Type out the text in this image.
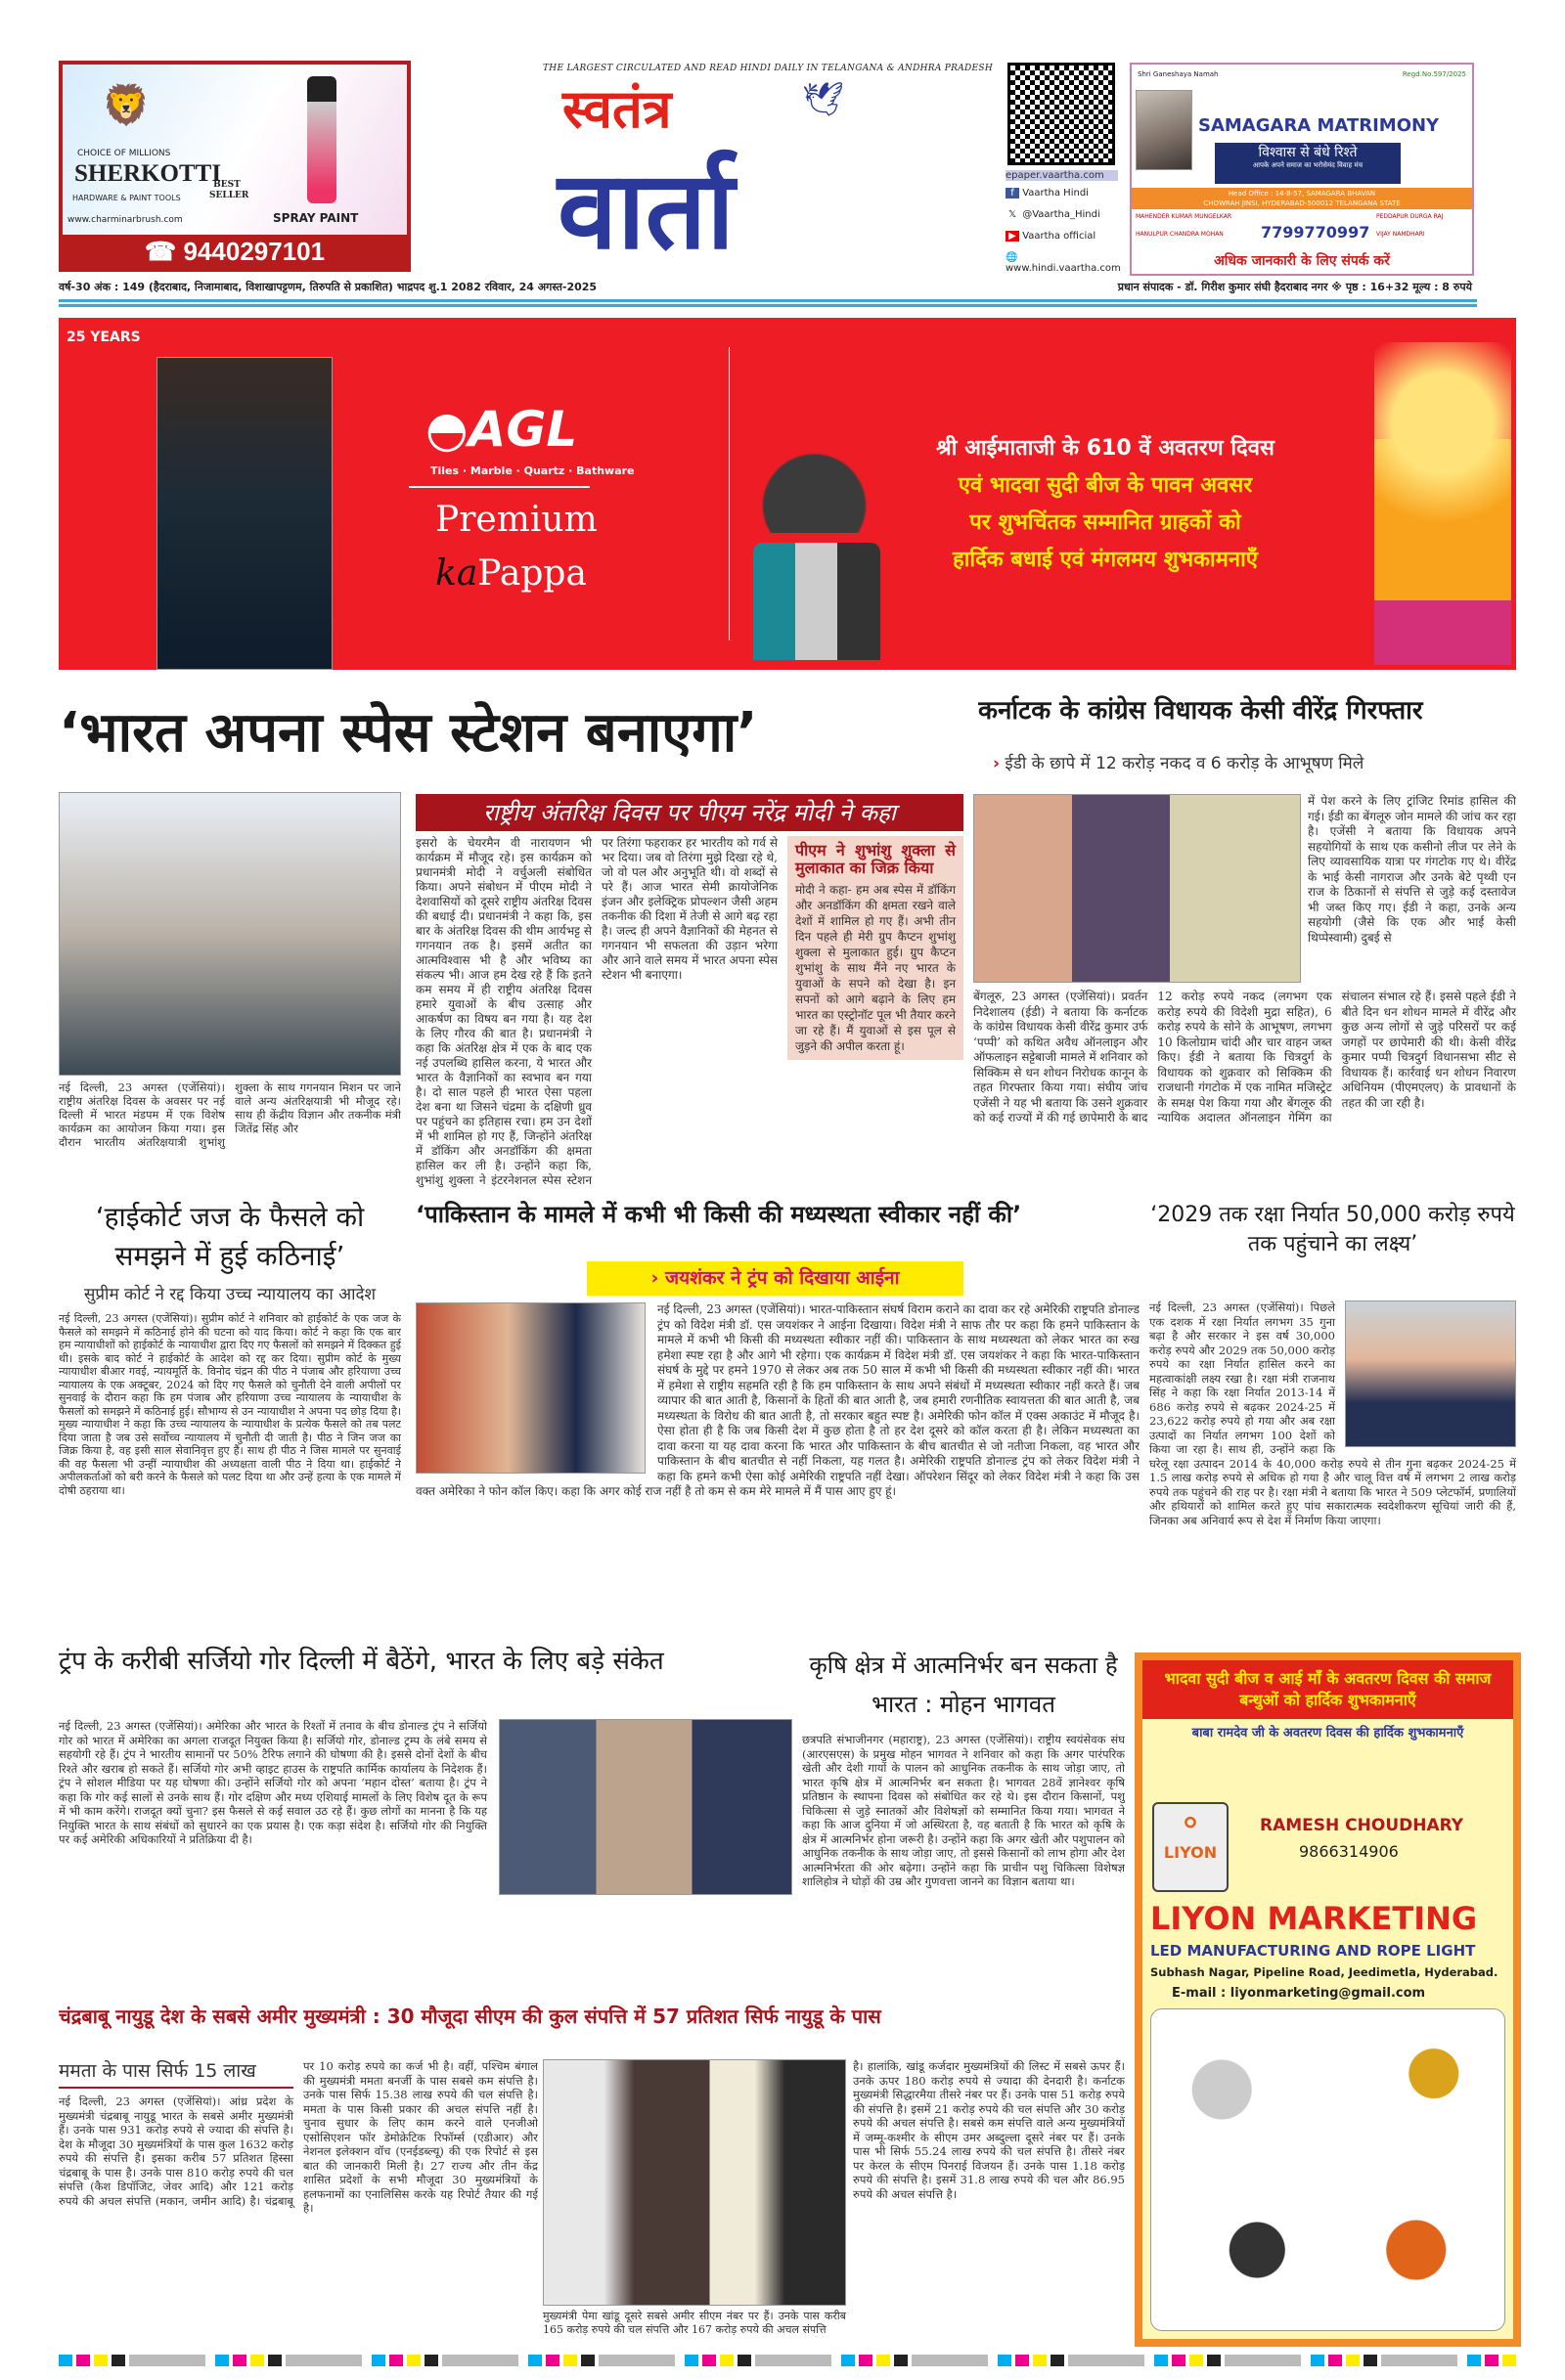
🦁
CHOICE OF MILLIONS
SHERKOTTI
HARDWARE & PAINT TOOLS
BEST SELLER
www.charminarbrush.com	SPRAY PAINT
☎ 9440297101
THE LARGEST CIRCULATED AND READ HINDI DAILY IN TELANGANA & ANDHRA PRADESH
स्वतंत्र	🕊
वार्ता	epaper.vaartha.com
f Vaartha Hindi
𝕏 @Vaartha_Hindi
▶ Vaartha official
🌐 www.hindi.vaartha.com
Shri Ganeshaya Namah	Regd.No.597/2025
SAMAGARA MATRIMONY
विश्वास से बंधे रिश्ते
आपके अपने समाज का भरोसेमंद विवाह मंच
Head Office : 14-8-57, SAMAGARA BHAVAN
CHOWRAH JINSI, HYDERABAD-500012 TELANGANA STATE
MAHENDER KUMAR MUNGELKAR
HANULPUR CHANDRA MOHAN
PEDDAPUR DURGA RAJ
VIJAY NAMDHARI
7799770997
अधिक जानकारी के लिए संपर्क करें
वर्ष-30 अंक : 149 (हैदराबाद, निजामाबाद, विशाखापट्टणम, तिरुपति से प्रकाशित) भाद्रपद शु.1 2082 रविवार, 24 अगस्त-2025	प्रधान संपादक - डॉ. गिरीश कुमार संघी हैदराबाद नगर ※ पृष्ठ : 16+32 मूल्य : 8 रुपये
25 YEARS
◓AGL
Tiles · Marble · Quartz · Bathware
Premium
kaPappa
श्री आईमाताजी के 610 वें अवतरण दिवस
एवं भादवा सुदी बीज के पावन अवसर
पर शुभचिंतक सम्मानित ग्राहकों को
हार्दिक बधाई एवं मंगलमय शुभकामनाएँ
‘भारत अपना स्पेस स्टेशन बनाएगा’
नई दिल्ली, 23 अगस्त (एजेंसियां)। राष्ट्रीय अंतरिक्ष दिवस के अवसर पर नई दिल्ली में भारत मंडपम में एक विशेष कार्यक्रम का आयोजन किया गया। इस दौरान भारतीय अंतरिक्षयात्री शुभांशु शुक्ला के साथ गगनयान मिशन पर जाने वाले अन्य अंतरिक्षयात्री भी मौजूद रहे। साथ ही केंद्रीय विज्ञान और तकनीक मंत्री जितेंद्र सिंह और
राष्ट्रीय अंतरिक्ष दिवस पर पीएम नरेंद्र मोदी ने कहा
इसरो के चेयरमैन वी नारायणन भी कार्यक्रम में मौजूद रहे। इस कार्यक्रम को प्रधानमंत्री मोदी ने वर्चुअली संबोधित किया। अपने संबोधन में पीएम मोदी ने देशवासियों को दूसरे राष्ट्रीय अंतरिक्ष दिवस की बधाई दी। प्रधानमंत्री ने कहा कि, इस बार के अंतरिक्ष दिवस की थीम आर्यभट्ट से गगनयान तक है। इसमें अतीत का आत्मविश्वास भी है और भविष्य का संकल्प भी। आज हम देख रहे हैं कि इतने कम समय में ही राष्ट्रीय अंतरिक्ष दिवस हमारे युवाओं के बीच उत्साह और आकर्षण का विषय बन गया है। यह देश के लिए गौरव की बात है। प्रधानमंत्री ने कहा कि अंतरिक्ष क्षेत्र में एक के बाद एक नई उपलब्धि हासिल करना, ये भारत और भारत के वैज्ञानिकों का स्वभाव बन गया है। दो साल पहले ही भारत ऐसा पहला देश बना था जिसने चंद्रमा के दक्षिणी ध्रुव पर पहुंचने का इतिहास रचा। हम उन देशों में भी शामिल हो गए हैं, जिन्होंने अंतरिक्ष में डॉकिंग और अनडॉकिंग की क्षमता हासिल कर ली है। उन्होंने कहा कि, शुभांशु शुक्ला ने इंटरनेशनल स्पेस स्टेशन पर तिरंगा फहराकर हर भारतीय को गर्व से भर दिया। जब वो तिरंगा मुझे दिखा रहे थे, जो वो पल और अनुभूति थी। वो शब्दों से परे हैं। आज भारत सेमी क्रायोजेनिक इंजन और इलेक्ट्रिक प्रोपल्शन जैसी अहम तकनीक की दिशा में तेजी से आगे बढ़ रहा है। जल्द ही अपने वैज्ञानिकों की मेहनत से गगनयान भी सफलता की उड़ान भरेगा और आने वाले समय में भारत अपना स्पेस स्टेशन भी बनाएगा।
पीएम ने शुभांशु शुक्ला से मुलाकात का जिक्र किया
मोदी ने कहा- हम अब स्पेस में डॉकिंग और अनडॉकिंग की क्षमता रखने वाले देशों में शामिल हो गए हैं। अभी तीन दिन पहले ही मेरी ग्रुप कैप्टन शुभांशु शुक्ला से मुलाकात हुई। ग्रुप कैप्टन शुभांशु के साथ मैंने नए भारत के युवाओं के सपने को देखा है। इन सपनों को आगे बढ़ाने के लिए हम भारत का एस्ट्रोनॉट पूल भी तैयार करने जा रहे हैं। मैं युवाओं से इस पूल से जुड़ने की अपील करता हूं।
कर्नाटक के कांग्रेस विधायक केसी वीरेंद्र गिरफ्तार
› ईडी के छापे में 12 करोड़ नकद व 6 करोड़ के आभूषण मिले
में पेश करने के लिए ट्रांजिट रिमांड हासिल की गई। ईडी का बेंगलूरु जोन मामले की जांच कर रहा है। एजेंसी ने बताया कि विधायक अपने सहयोगियों के साथ एक कसीनो लीज पर लेने के लिए व्यावसायिक यात्रा पर गंगटोक गए थे। वीरेंद्र के भाई केसी नागराज और उनके बेटे पृथ्वी एन राज के ठिकानों से संपत्ति से जुड़े कई दस्तावेज भी जब्त किए गए। ईडी ने कहा, उनके अन्य सहयोगी (जैसे कि एक और भाई केसी थिप्पेस्वामी) दुबई से
बेंगलूरु, 23 अगस्त (एजेंसियां)। प्रवर्तन निदेशालय (ईडी) ने बताया कि कर्नाटक के कांग्रेस विधायक केसी वीरेंद्र कुमार उर्फ ‘पप्पी’ को कथित अवैध ऑनलाइन और ऑफलाइन सट्टेबाजी मामले में शनिवार को सिक्किम से धन शोधन निरोधक कानून के तहत गिरफ्तार किया गया। संघीय जांच एजेंसी ने यह भी बताया कि उसने शुक्रवार को कई राज्यों में की गई छापेमारी के बाद 12 करोड़ रुपये नकद (लगभग एक करोड़ रुपये की विदेशी मुद्रा सहित), 6 करोड़ रुपये के सोने के आभूषण, लगभग 10 किलोग्राम चांदी और चार वाहन जब्त किए। ईडी ने बताया कि चित्रदुर्ग के विधायक को शुक्रवार को सिक्किम की राजधानी गंगटोक में एक नामित मजिस्ट्रेट के समक्ष पेश किया गया और बेंगलूरु की न्यायिक अदालत ऑनलाइन गेमिंग का संचालन संभाल रहे हैं। इससे पहले ईडी ने बीते दिन धन शोधन मामले में वीरेंद्र और कुछ अन्य लोगों से जुड़े परिसरों पर कई जगहों पर छापेमारी की थी। केसी वीरेंद्र कुमार पप्पी चित्रदुर्ग विधानसभा सीट से विधायक हैं। कार्रवाई धन शोधन निवारण अधिनियम (पीएमएलए) के प्रावधानों के तहत की जा रही है।
‘हाईकोर्ट जज के फैसले को समझने में हुई कठिनाई’
सुप्रीम कोर्ट ने रद्द किया उच्च न्यायालय का आदेश
नई दिल्ली, 23 अगस्त (एजेंसियां)। सुप्रीम कोर्ट ने शनिवार को हाईकोर्ट के एक जज के फैसले को समझने में कठिनाई होने की घटना को याद किया। कोर्ट ने कहा कि एक बार हम न्यायाधीशों को हाईकोर्ट के न्यायाधीश द्वारा दिए गए फैसलों को समझने में दिक्कत हुई थी। इसके बाद कोर्ट ने हाईकोर्ट के आदेश को रद्द कर दिया। सुप्रीम कोर्ट के मुख्य न्यायाधीश बीआर गवई, न्यायमूर्ति के. विनोद चंद्रन की पीठ ने पंजाब और हरियाणा उच्च न्यायालय के एक अक्टूबर, 2024 को दिए गए फैसले को चुनौती देने वाली अपीलों पर सुनवाई के दौरान कहा कि हम पंजाब और हरियाणा उच्च न्यायालय के न्यायाधीश के फैसलों को समझने में कठिनाई हुई। सौभाग्य से उन न्यायाधीश ने अपना पद छोड़ दिया है। मुख्य न्यायाधीश ने कहा कि उच्च न्यायालय के न्यायाधीश के प्रत्येक फैसले को तब पलट दिया जाता है जब उसे सर्वोच्च न्यायालय में चुनौती दी जाती है। पीठ ने जिन जज का जिक्र किया है, वह इसी साल सेवानिवृत्त हुए हैं। साथ ही पीठ ने जिस मामले पर सुनवाई की वह फैसला भी उन्हीं न्यायाधीश की अध्यक्षता वाली पीठ ने दिया था। हाईकोर्ट ने अपीलकर्ताओं को बरी करने के फैसले को पलट दिया था और उन्हें हत्या के एक मामले में दोषी ठहराया था।
‘पाकिस्तान के मामले में कभी भी किसी की मध्यस्थता स्वीकार नहीं की’
› जयशंकर ने ट्रंप को दिखाया आईना
नई दिल्ली, 23 अगस्त (एजेंसियां)। भारत-पाकिस्तान संघर्ष विराम कराने का दावा कर रहे अमेरिकी राष्ट्रपति डोनाल्ड ट्रंप को विदेश मंत्री डॉ. एस जयशंकर ने आईना दिखाया। विदेश मंत्री ने साफ तौर पर कहा कि हमने पाकिस्तान के मामले में कभी भी किसी की मध्यस्थता स्वीकार नहीं की। पाकिस्तान के साथ मध्यस्थता को लेकर भारत का रुख हमेशा स्पष्ट रहा है और आगे भी रहेगा। एक कार्यक्रम में विदेश मंत्री डॉ. एस जयशंकर ने कहा कि भारत-पाकिस्तान संघर्ष के मुद्दे पर हमने 1970 से लेकर अब तक 50 साल में कभी भी किसी की मध्यस्थता स्वीकार नहीं की। भारत में हमेशा से राष्ट्रीय सहमति रही है कि हम पाकिस्तान के साथ अपने संबंधों में मध्यस्थता स्वीकार नहीं करते हैं। जब व्यापार की बात आती है, किसानों के हितों की बात आती है, जब हमारी रणनीतिक स्वायत्तता की बात आती है, जब मध्यस्थता के विरोध की बात आती है, तो सरकार बहुत स्पष्ट है। अमेरिकी फोन कॉल में एक्स अकाउंट में मौजूद है। ऐसा होता ही है कि जब किसी देश में कुछ होता है तो हर देश दूसरे को कॉल करता ही है। लेकिन मध्यस्थता का दावा करना या यह दावा करना कि भारत और पाकिस्तान के बीच बातचीत से जो नतीजा निकला, वह भारत और पाकिस्तान के बीच बातचीत से नहीं निकला, यह गलत है। अमेरिकी राष्ट्रपति डोनाल्ड ट्रंप को लेकर विदेश मंत्री ने कहा कि हमने कभी ऐसा कोई अमेरिकी राष्ट्रपति नहीं देखा। ऑपरेशन सिंदूर को लेकर विदेश मंत्री ने कहा कि उस वक्त अमेरिका ने फोन कॉल किए। कहा कि अगर कोई राज नहीं है तो कम से कम मेरे मामले में मैं पास आए हुए हूं।
‘2029 तक रक्षा निर्यात 50,000 करोड़ रुपये तक पहुंचाने का लक्ष्य’
नई दिल्ली, 23 अगस्त (एजेंसियां)। पिछले एक दशक में रक्षा निर्यात लगभग 35 गुना बढ़ा है और सरकार ने इस वर्ष 30,000 करोड़ रुपये और 2029 तक 50,000 करोड़ रुपये का रक्षा निर्यात हासिल करने का महत्वाकांक्षी लक्ष्य रखा है। रक्षा मंत्री राजनाथ सिंह ने कहा कि रक्षा निर्यात 2013-14 में 686 करोड़ रुपये से बढ़कर 2024-25 में 23,622 करोड़ रुपये हो गया और अब रक्षा उत्पादों का निर्यात लगभग 100 देशों को किया जा रहा है। साथ ही, उन्होंने कहा कि घरेलू रक्षा उत्पादन 2014 के 40,000 करोड़ रुपये से तीन गुना बढ़कर 2024-25 में 1.5 लाख करोड़ रुपये से अधिक हो गया है और चालू वित्त वर्ष में लगभग 2 लाख करोड़ रुपये तक पहुंचने की राह पर है। रक्षा मंत्री ने बताया कि भारत ने 509 प्लेटफॉर्म, प्रणालियों और हथियारों को शामिल करते हुए पांच सकारात्मक स्वदेशीकरण सूचियां जारी की हैं, जिनका अब अनिवार्य रूप से देश में निर्माण किया जाएगा।
ट्रंप के करीबी सर्जियो गोर दिल्ली में बैठेंगे, भारत के लिए बड़े संकेत
नई दिल्ली, 23 अगस्त (एजेंसियां)। अमेरिका और भारत के रिश्तों में तनाव के बीच डोनाल्ड ट्रंप ने सर्जियो गोर को भारत में अमेरिका का अगला राजदूत नियुक्त किया है। सर्जियो गोर, डोनाल्ड ट्रम्प के लंबे समय से सहयोगी रहे हैं। ट्रंप ने भारतीय सामानों पर 50% टैरिफ लगाने की घोषणा की है। इससे दोनों देशों के बीच रिश्ते और खराब हो सकते हैं। सर्जियो गोर अभी व्हाइट हाउस के राष्ट्रपति कार्मिक कार्यालय के निदेशक हैं। ट्रंप ने सोशल मीडिया पर यह घोषणा की। उन्होंने सर्जियो गोर को अपना ‘महान दोस्त’ बताया है। ट्रंप ने कहा कि गोर कई सालों से उनके साथ हैं। गोर दक्षिण और मध्य एशियाई मामलों के लिए विशेष दूत के रूप में भी काम करेंगे। राजदूत क्यों चुना? इस फैसले से कई सवाल उठ रहे हैं। कुछ लोगों का मानना है कि यह नियुक्ति भारत के साथ संबंधों को सुधारने का एक प्रयास है। एक कड़ा संदेश है। सर्जियो गोर की नियुक्ति पर कई अमेरिकी अधिकारियों ने प्रतिक्रिया दी है।
कृषि क्षेत्र में आत्मनिर्भर बन सकता है भारत : मोहन भागवत
छत्रपति संभाजीनगर (महाराष्ट्र), 23 अगस्त (एजेंसियां)। राष्ट्रीय स्वयंसेवक संघ (आरएसएस) के प्रमुख मोहन भागवत ने शनिवार को कहा कि अगर पारंपरिक खेती और देशी गायों के पालन को आधुनिक तकनीक के साथ जोड़ा जाए, तो भारत कृषि क्षेत्र में आत्मनिर्भर बन सकता है। भागवत 28वें ज्ञानेश्वर कृषि प्रतिष्ठान के स्थापना दिवस को संबोधित कर रहे थे। इस दौरान किसानों, पशु चिकित्सा से जुड़े स्नातकों और विशेषज्ञों को सम्मानित किया गया। भागवत ने कहा कि आज दुनिया में जो अस्थिरता है, वह बताती है कि भारत को कृषि के क्षेत्र में आत्मनिर्भर होना जरूरी है। उन्होंने कहा कि अगर खेती और पशुपालन को आधुनिक तकनीक के साथ जोड़ा जाए, तो इससे किसानों को लाभ होगा और देश आत्मनिर्भरता की ओर बढ़ेगा। उन्होंने कहा कि प्राचीन पशु चिकित्सा विशेषज्ञ शालिहोत्र ने घोड़ों की उम्र और गुणवत्ता जानने का विज्ञान बताया था।
भादवा सुदी बीज व आई माँ के अवतरण दिवस की समाज बन्धुओं को हार्दिक शुभकामनाएँ
बाबा रामदेव जी के अवतरण दिवस की हार्दिक शुभकामनाएँ
⚬
LIYON
RAMESH CHOUDHARY
9866314906
LIYON MARKETING
LED MANUFACTURING AND ROPE LIGHT
Subhash Nagar, Pipeline Road, Jeedimetla, Hyderabad.
E-mail : liyonmarketing@gmail.com
चंद्रबाबू नायुडू देश के सबसे अमीर मुख्यमंत्री : 30 मौजूदा सीएम की कुल संपत्ति में 57 प्रतिशत सिर्फ नायुडू के पास
ममता के पास सिर्फ 15 लाख
नई दिल्ली, 23 अगस्त (एजेंसियां)। आंध्र प्रदेश के मुख्यमंत्री चंद्रबाबू नायुडू भारत के सबसे अमीर मुख्यमंत्री हैं। उनके पास 931 करोड़ रुपये से ज्यादा की संपत्ति है। देश के मौजूदा 30 मुख्यमंत्रियों के पास कुल 1632 करोड़ रुपये की संपत्ति है। इसका करीब 57 प्रतिशत हिस्सा चंद्रबाबू के पास है। उनके पास 810 करोड़ रुपये की चल संपत्ति (कैश डिपॉजिट, जेवर आदि) और 121 करोड़ रुपये की अचल संपत्ति (मकान, जमीन आदि) है। चंद्रबाबू पर 10 करोड़ रुपये का कर्ज भी है। वहीं, पश्चिम बंगाल की मुख्यमंत्री ममता बनर्जी के पास सबसे कम संपत्ति है। उनके पास सिर्फ 15.38 लाख रुपये की चल संपत्ति है। ममता के पास किसी प्रकार की अचल संपत्ति नहीं है। चुनाव सुधार के लिए काम करने वाले एनजीओ एसोसिएशन फॉर डेमोक्रेटिक रिफॉर्म्स (एडीआर) और नेशनल इलेक्शन वॉच (एनईडब्ल्यू) की एक रिपोर्ट से इस बात की जानकारी मिली है। 27 राज्य और तीन केंद्र शासित प्रदेशों के सभी मौजूदा 30 मुख्यमंत्रियों के हलफनामों का एनालिसिस करके यह रिपोर्ट तैयार की गई है।
मुख्यमंत्री पेमा खांडू दूसरे सबसे अमीर सीएम नंबर पर हैं। उनके पास करीब 165 करोड़ रुपये की चल संपत्ति और 167 करोड़ रुपये की अचल संपत्ति
है। हालांकि, खांडू कर्जदार मुख्यमंत्रियों की लिस्ट में सबसे ऊपर हैं। उनके ऊपर 180 करोड़ रुपये से ज्यादा की देनदारी है। कर्नाटक मुख्यमंत्री सिद्धारमैया तीसरे नंबर पर हैं। उनके पास 51 करोड़ रुपये की संपत्ति है। इसमें 21 करोड़ रुपये की चल संपत्ति और 30 करोड़ रुपये की अचल संपत्ति है। सबसे कम संपत्ति वाले अन्य मुख्यमंत्रियों में जम्मू-कश्मीर के सीएम उमर अब्दुल्ला दूसरे नंबर पर हैं। उनके पास भी सिर्फ 55.24 लाख रुपये की चल संपत्ति है। तीसरे नंबर पर केरल के सीएम पिनराई विजयन हैं। उनके पास 1.18 करोड़ रुपये की संपत्ति है। इसमें 31.8 लाख रुपये की चल और 86.95 रुपये की अचल संपत्ति है।
